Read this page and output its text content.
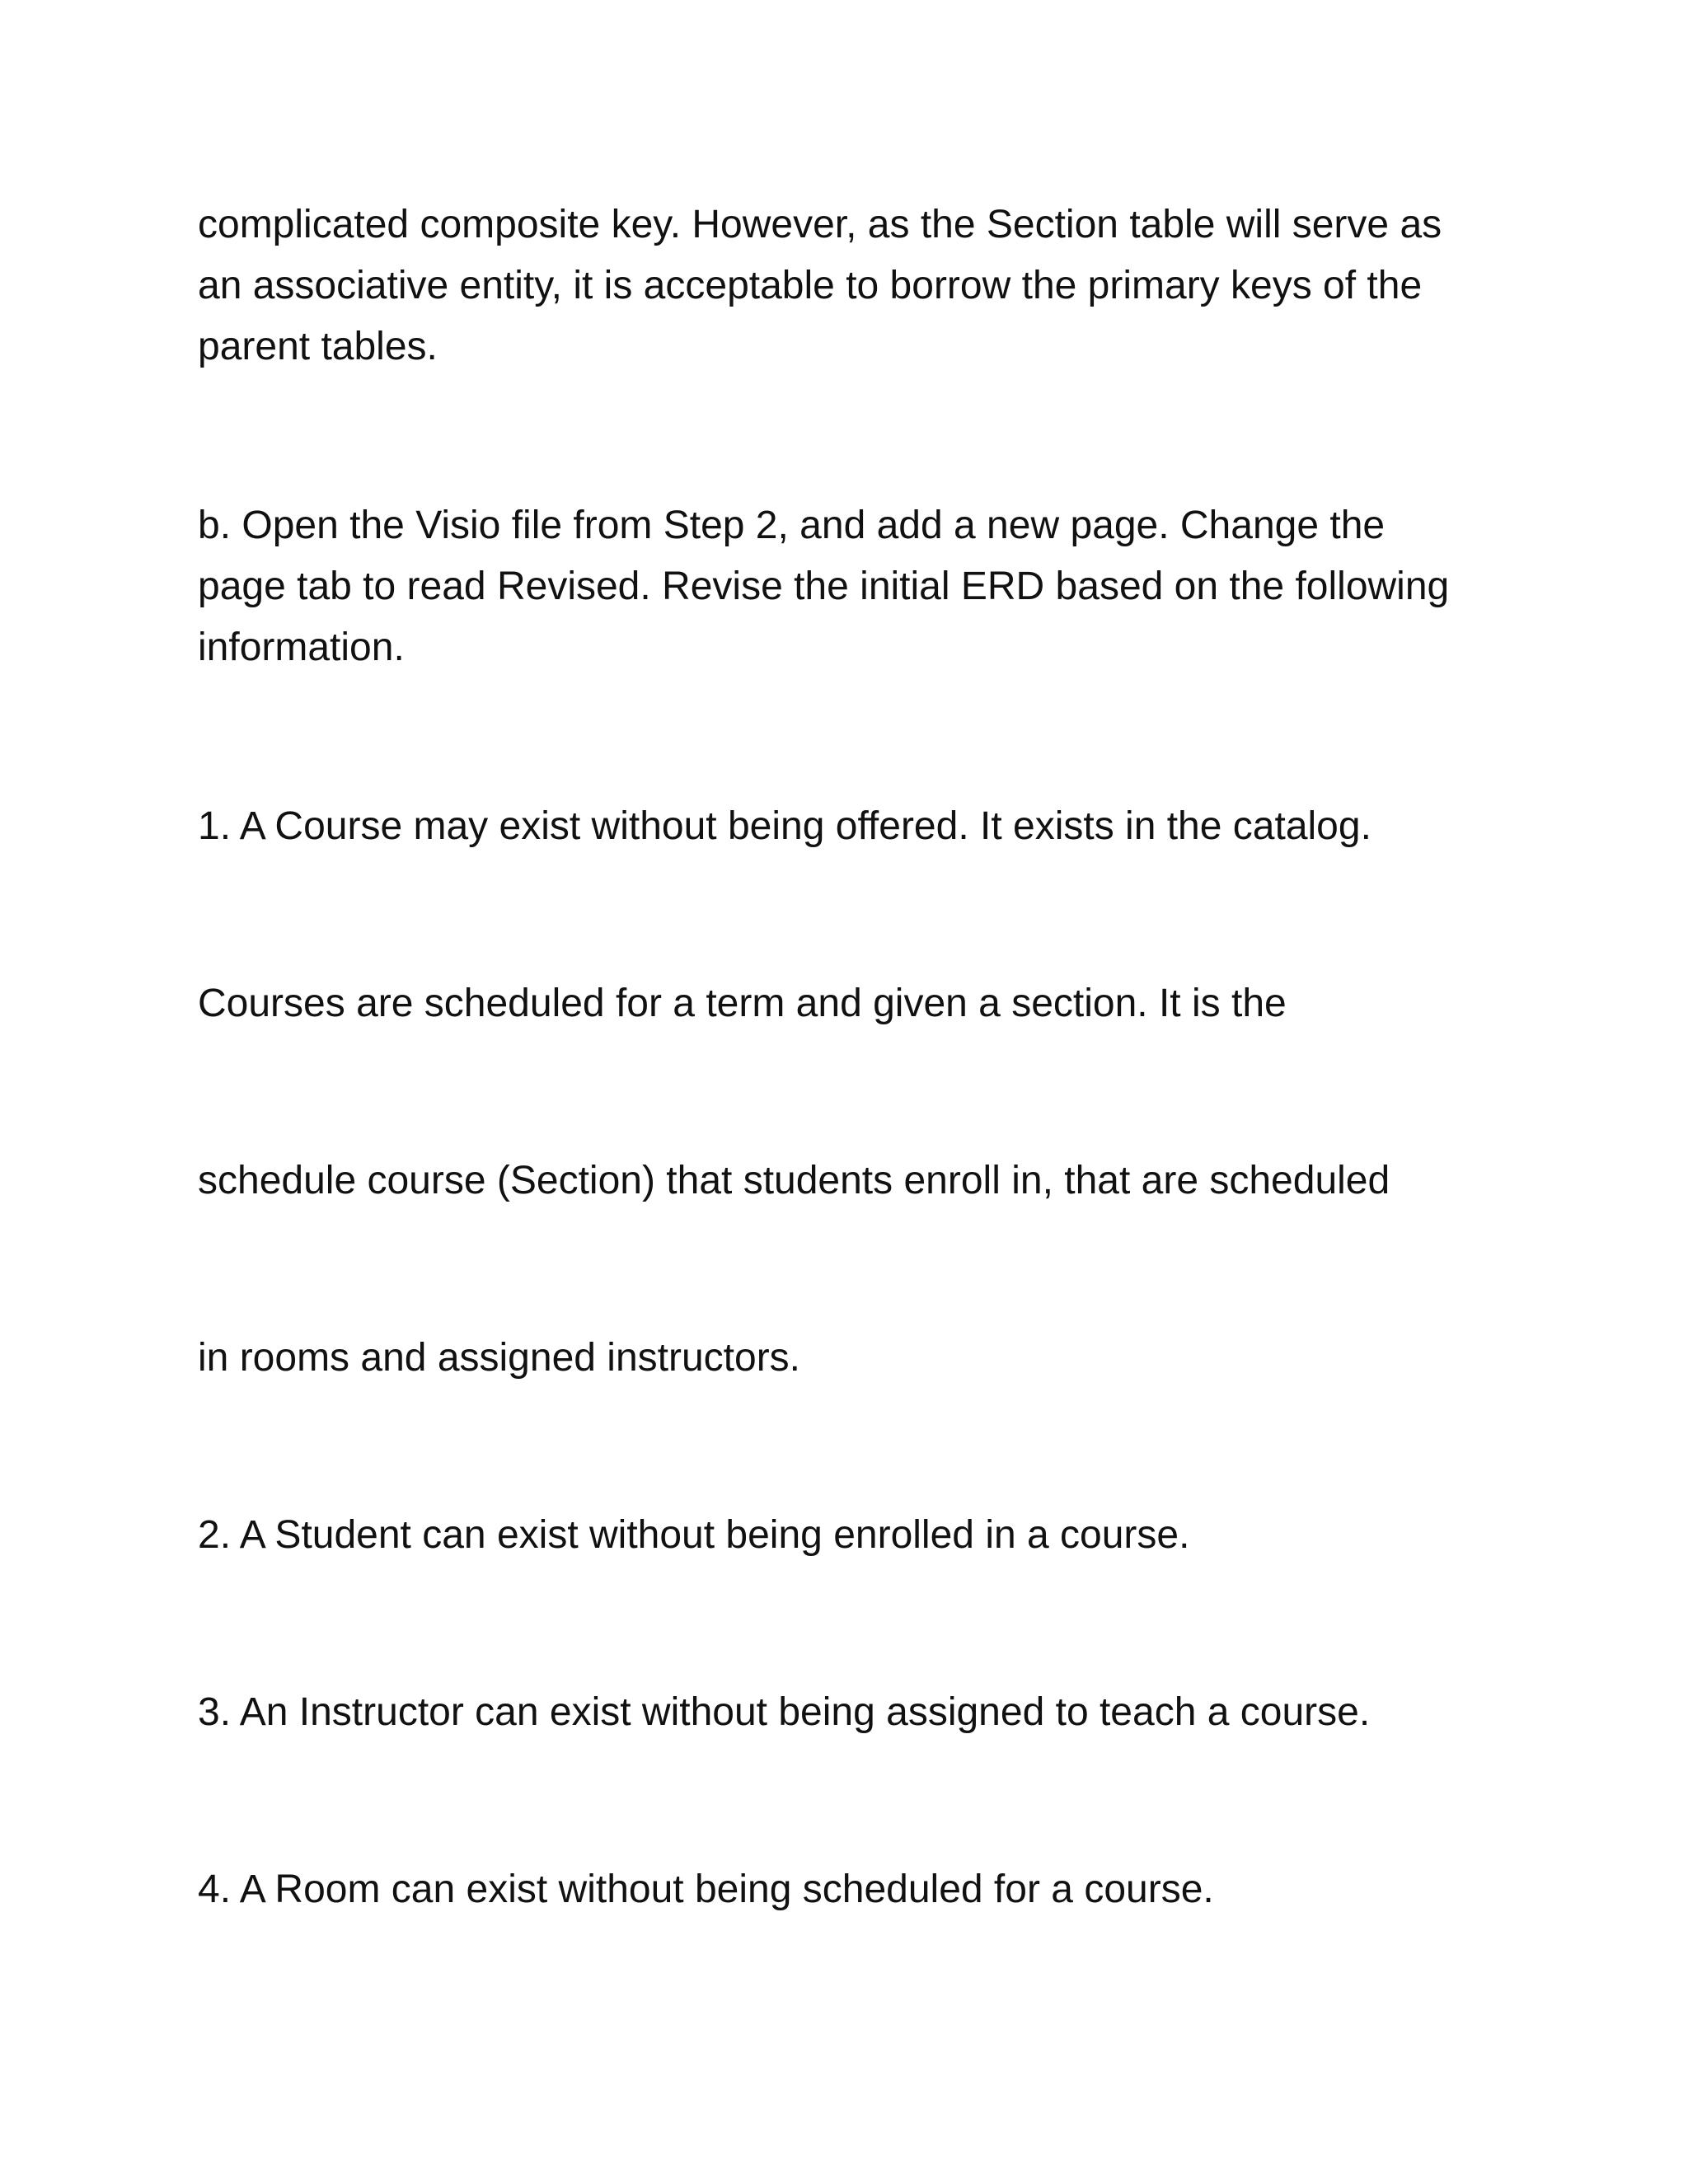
complicated composite key. However, as the Section table will serve as
an associative entity, it is acceptable to borrow the primary keys of the
parent tables.
b. Open the Visio file from Step 2, and add a new page. Change the
page tab to read Revised. Revise the initial ERD based on the following
information.
1. A Course may exist without being offered. It exists in the catalog.
Courses are scheduled for a term and given a section. It is the
schedule course (Section) that students enroll in, that are scheduled
in rooms and assigned instructors.
2. A Student can exist without being enrolled in a course.
3. An Instructor can exist without being assigned to teach a course.
4. A Room can exist without being scheduled for a course.
